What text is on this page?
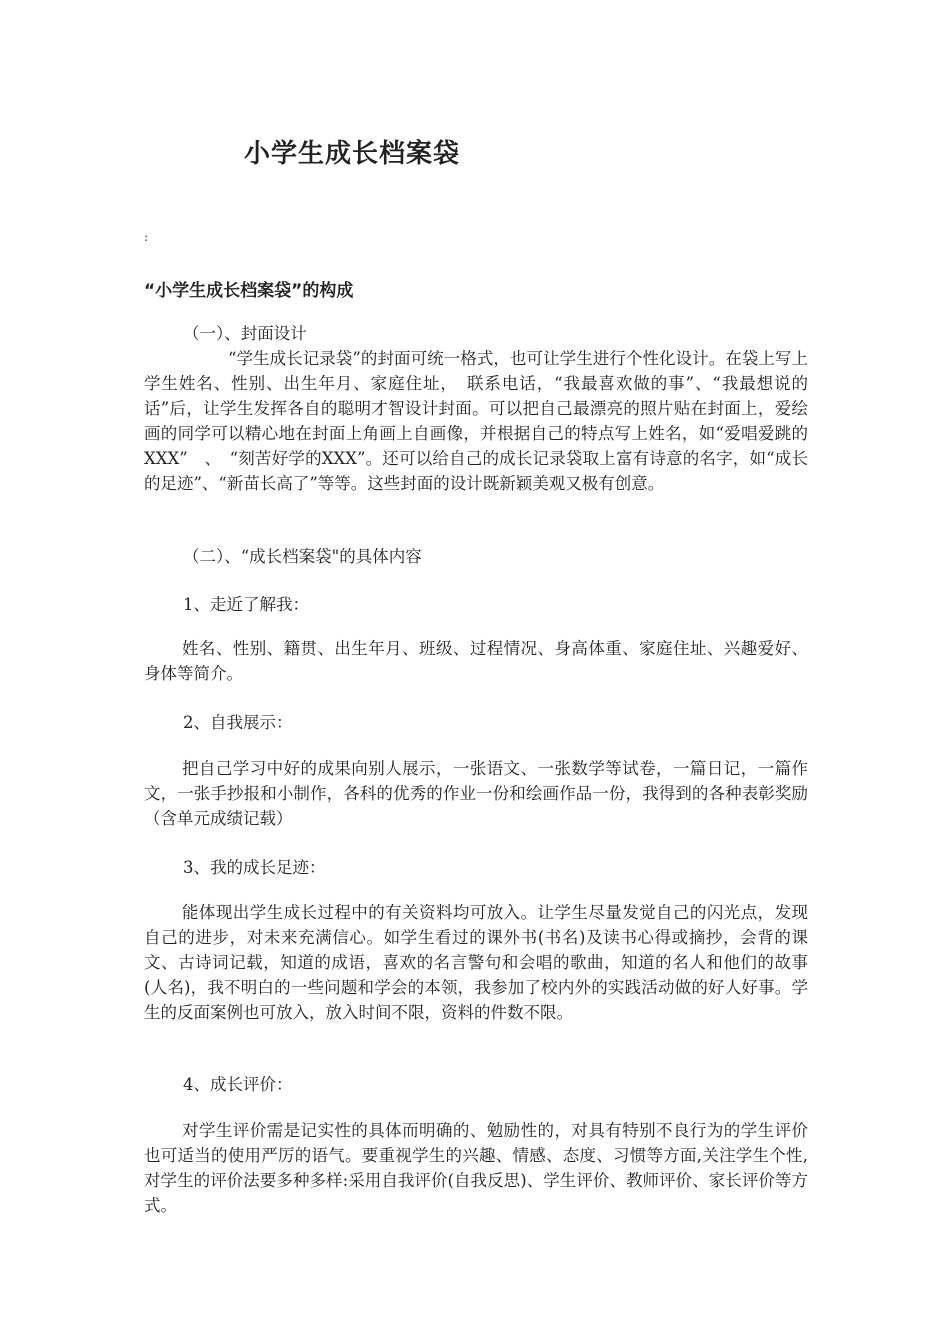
小学生成长档案袋
:
“小学生成长档案袋”的构成
（一）、封面设计
“学生成长记录袋”的封面可统一格式，也可让学生进行个性化设计。在袋上写上学生姓名、性别、出生年月、家庭住址，　联系电话，“我最喜欢做的事”、“我最想说的话”后，让学生发挥各自的聪明才智设计封面。可以把自己最漂亮的照片贴在封面上，爱绘画的同学可以精心地在封面上角画上自画像，并根据自己的特点写上姓名，如“爱唱爱跳的XXX”　、　“刻苦好学的XXX”。还可以给自己的成长记录袋取上富有诗意的名字，如“成长的足迹”、“新苗长高了”等等。这些封面的设计既新颖美观又极有创意。
（二）、“成长档案袋"的具体内容
1、走近了解我：
姓名、性别、籍贯、出生年月、班级、过程情况、身高体重、家庭住址、兴趣爱好、身体等简介。
2、自我展示：
把自己学习中好的成果向别人展示，一张语文、一张数学等试卷，一篇日记，一篇作文，一张手抄报和小制作，各科的优秀的作业一份和绘画作品一份，我得到的各种表彰奖励（含单元成绩记载）
3、我的成长足迹：
能体现出学生成长过程中的有关资料均可放入。让学生尽量发觉自己的闪光点，发现自己的进步，对未来充满信心。如学生看过的课外书(书名)及读书心得或摘抄，会背的课文、古诗词记载，知道的成语，喜欢的名言警句和会唱的歌曲，知道的名人和他们的故事(人名)，我不明白的一些问题和学会的本领，我参加了校内外的实践活动做的好人好事。学生的反面案例也可放入，放入时间不限，资料的件数不限。
4、成长评价：
对学生评价需是记实性的具体而明确的、勉励性的，对具有特别不良行为的学生评价也可适当的使用严厉的语气。要重视学生的兴趣、情感、态度、习惯等方面,关注学生个性,对学生的评价法要多种多样:采用自我评价(自我反思)、学生评价、教师评价、家长评价等方式。
